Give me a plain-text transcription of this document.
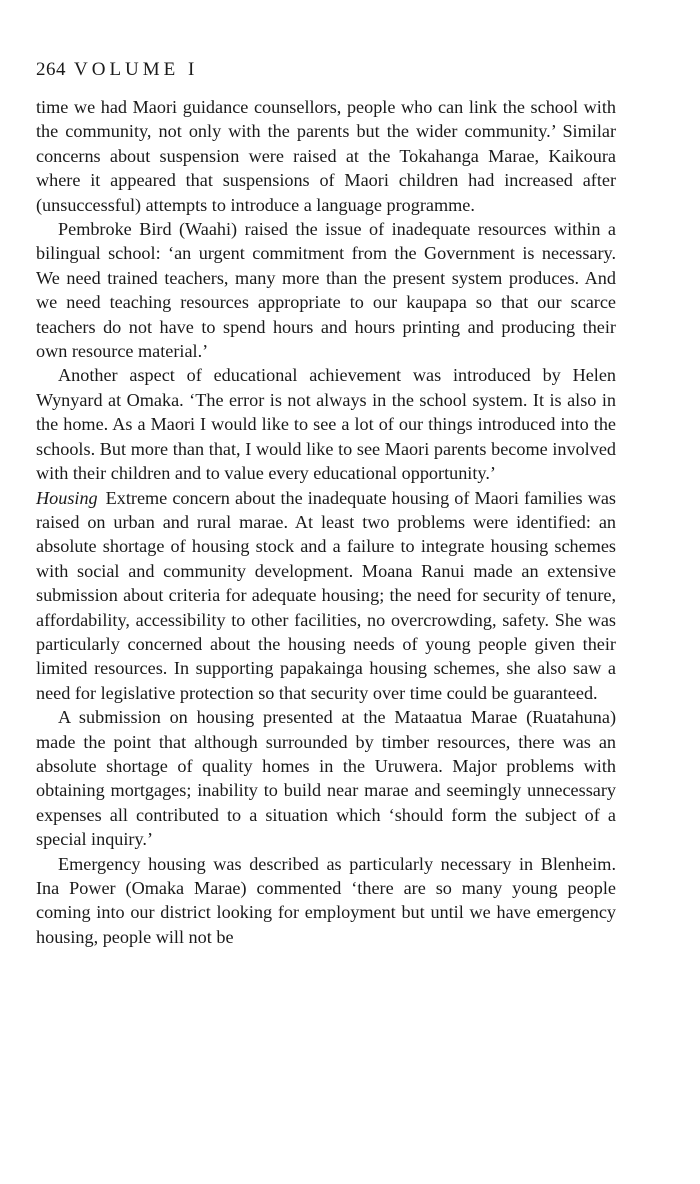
264 VOLUME I

time we had Maori guidance counsellors, people who can link the school with the community, not only with the parents but the wider community.’ Similar concerns about suspension were raised at the Tokahanga Marae, Kaikoura where it appeared that suspensions of Maori children had increased after (unsuccessful) attempts to introduce a language programme.

Pembroke Bird (Waahi) raised the issue of inadequate resources within a bilingual school: ‘an urgent commitment from the Government is necessary. We need trained teachers, many more than the present system produces. And we need teaching resources appropriate to our kaupapa so that our scarce teachers do not have to spend hours and hours printing and producing their own resource material.’

Another aspect of educational achievement was introduced by Helen Wynyard at Omaka. ‘The error is not always in the school system. It is also in the home. As a Maori I would like to see a lot of our things introduced into the schools. But more than that, I would like to see Maori parents become involved with their children and to value every educational opportunity.’

Housing Extreme concern about the inadequate housing of Maori families was raised on urban and rural marae. At least two problems were identified: an absolute shortage of housing stock and a failure to integrate housing schemes with social and community development. Moana Ranui made an extensive submission about criteria for adequate housing; the need for security of tenure, affordability, accessibility to other facilities, no overcrowding, safety. She was particularly concerned about the housing needs of young people given their limited resources. In supporting papakainga housing schemes, she also saw a need for legislative protection so that security over time could be guaranteed.

A submission on housing presented at the Mataatua Marae (Ruatahuna) made the point that although surrounded by timber resources, there was an absolute shortage of quality homes in the Uruwera. Major problems with obtaining mortgages; inability to build near marae and seemingly unnecessary expenses all contributed to a situation which ‘should form the subject of a special inquiry.’

Emergency housing was described as particularly necessary in Blenheim. Ina Power (Omaka Marae) commented ‘there are so many young people coming into our district looking for employment but until we have emergency housing, people will not be
